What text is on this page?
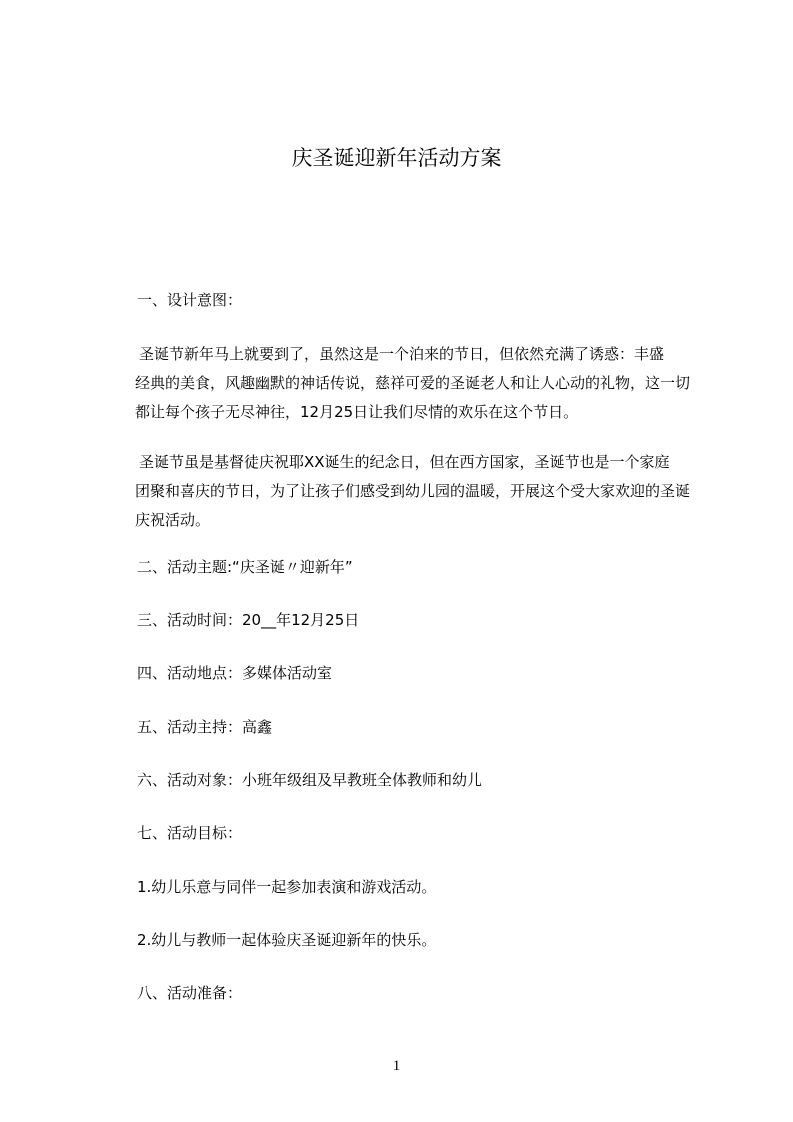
庆圣诞迎新年活动方案
一、设计意图：
圣诞节新年马上就要到了，虽然这是一个泊来的节日，但依然充满了诱惑：丰盛
经典的美食，风趣幽默的神话传说，慈祥可爱的圣诞老人和让人心动的礼物，这一切
都让每个孩子无尽神往，12月25日让我们尽情的欢乐在这个节日。
圣诞节虽是基督徒庆祝耶XX诞生的纪念日，但在西方国家，圣诞节也是一个家庭
团聚和喜庆的节日，为了让孩子们感受到幼儿园的温暖，开展这个受大家欢迎的圣诞
庆祝活动。
二、活动主题:“庆圣诞〃迎新年”
三、活动时间：20__年12月25日
四、活动地点：多媒体活动室
五、活动主持：高鑫
六、活动对象：小班年级组及早教班全体教师和幼儿
七、活动目标：
1.幼儿乐意与同伴一起参加表演和游戏活动。
2.幼儿与教师一起体验庆圣诞迎新年的快乐。
八、活动准备：
1
